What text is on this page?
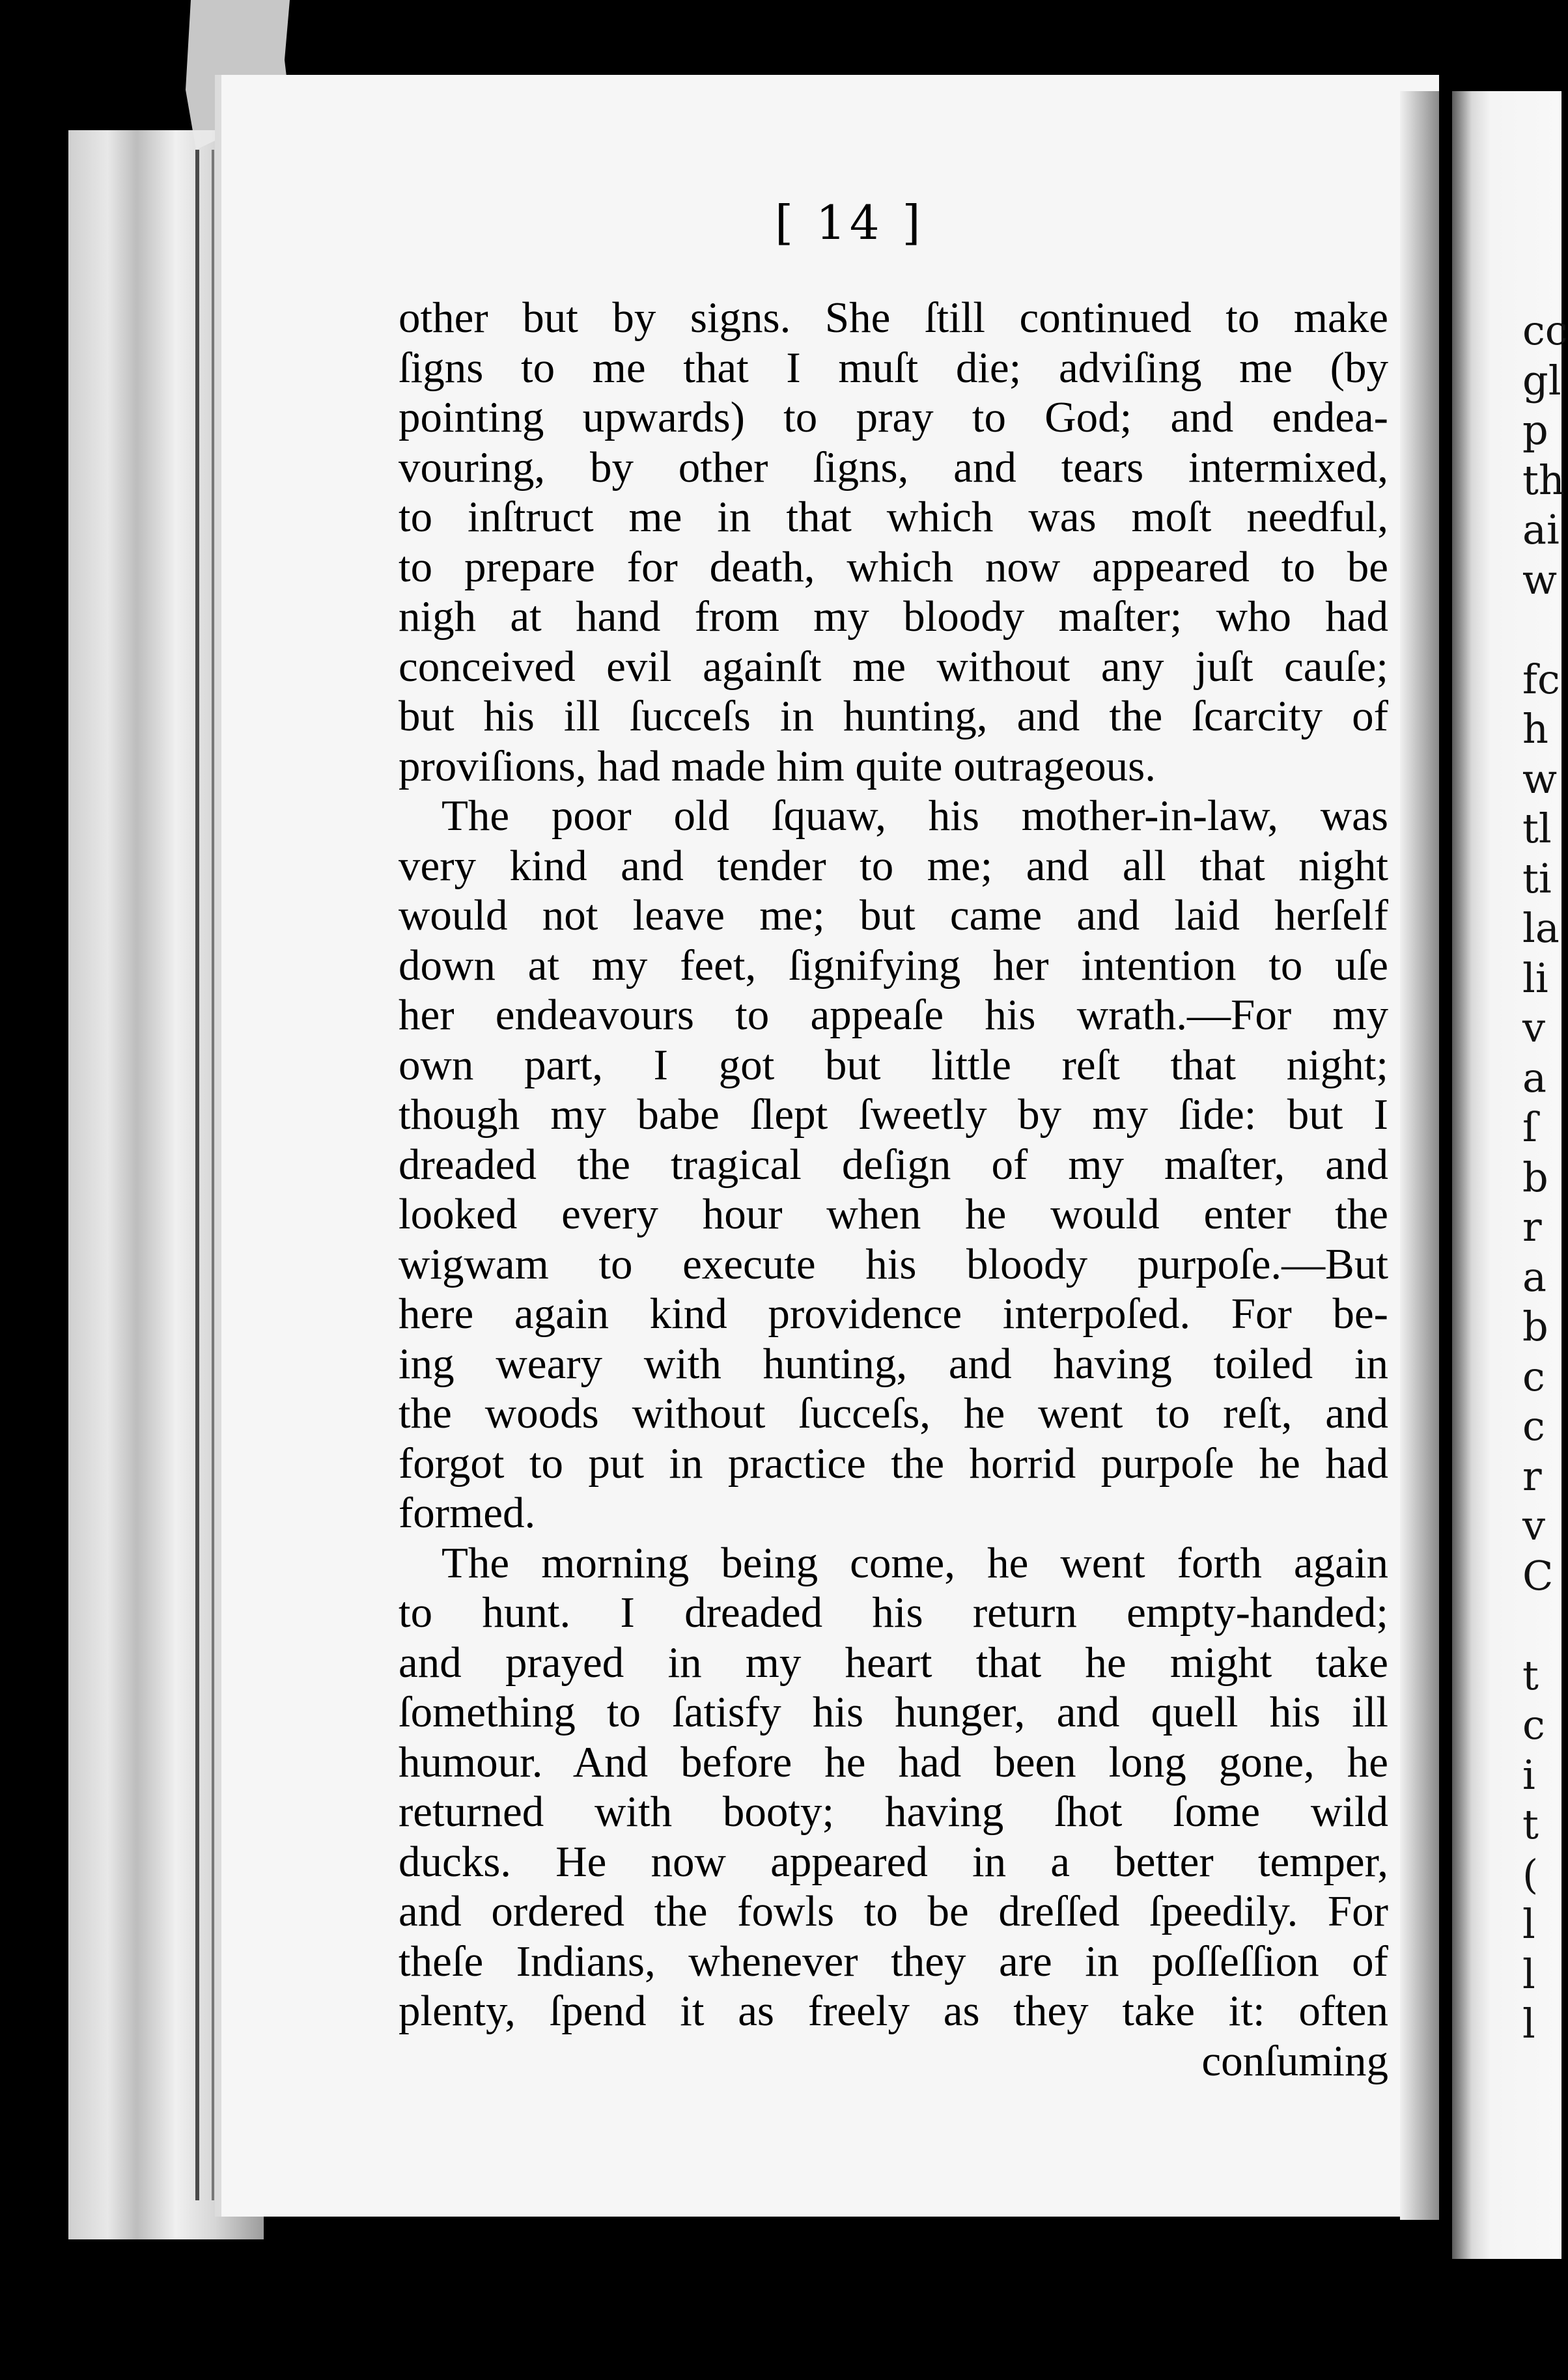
cc
gl
p
th
ai
w

fc
h
w
tl
ti
la
li
v
a
ſ
b
r
a
b
c
c
r
v
C

t
c
i
t
(
l
l
l
[ 14 ]
other but by signs. She ſtill continued to make
ſigns to me that I muſt die; adviſing me (by
pointing upwards) to pray to God; and endea-
vouring, by other ſigns, and tears intermixed,
to inſtruct me in that which was moſt needful,
to prepare for death, which now appeared to be
nigh at hand from my bloody maſter; who had
conceived evil againſt me without any juſt cauſe;
but his ill ſucceſs in hunting, and the ſcarcity of
proviſions, had made him quite outrageous.
The poor old ſquaw, his mother-in-law, was
very kind and tender to me; and all that night
would not leave me; but came and laid herſelf
down at my feet, ſignifying her intention to uſe
her endeavours to appeaſe his wrath.—For my
own part, I got but little reſt that night;
though my babe ſlept ſweetly by my ſide: but I
dreaded the tragical deſign of my maſter, and
looked every hour when he would enter the
wigwam to execute his bloody purpoſe.—But
here again kind providence interpoſed. For be-
ing weary with hunting, and having toiled in
the woods without ſucceſs, he went to reſt, and
forgot to put in practice the horrid purpoſe he had
formed.
The morning being come, he went forth again
to hunt. I dreaded his return empty-handed;
and prayed in my heart that he might take
ſomething to ſatisfy his hunger, and quell his ill
humour. And before he had been long gone, he
returned with booty; having ſhot ſome wild
ducks. He now appeared in a better temper,
and ordered the fowls to be dreſſed ſpeedily. For
theſe Indians, whenever they are in poſſeſſion of
plenty, ſpend it as freely as they take it: often
conſuming
